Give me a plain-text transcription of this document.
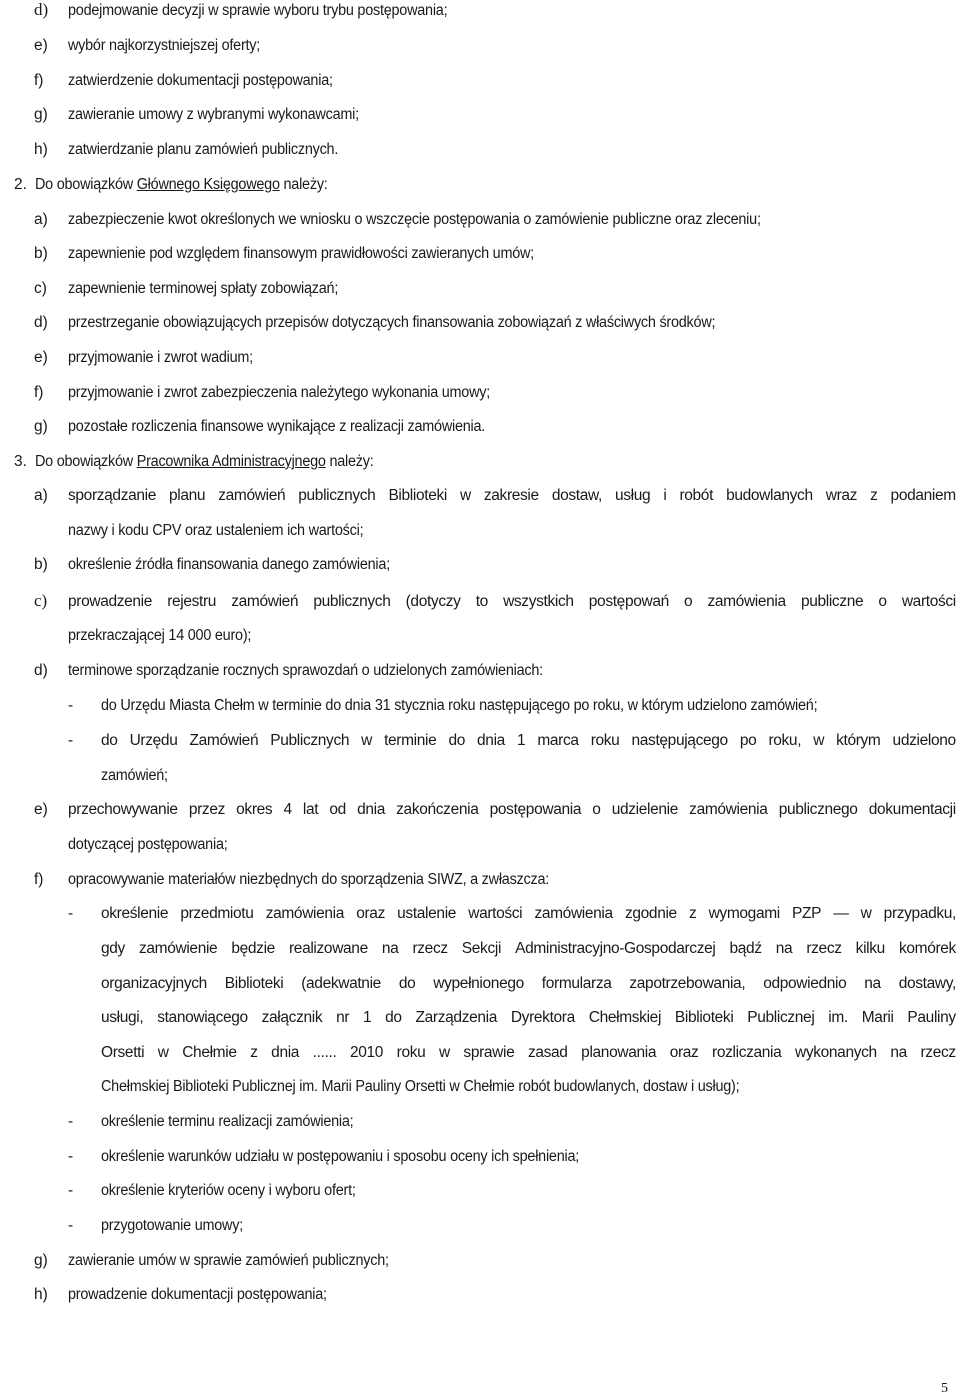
d) podejmowanie decyzji w sprawie wyboru trybu postępowania;
e) wybór najkorzystniejszej oferty;
f) zatwierdzenie dokumentacji postępowania;
g) zawieranie umowy z wybranymi wykonawcami;
h) zatwierdzanie planu zamówień publicznych.
2. Do obowiązków Głównego Księgowego należy:
a) zabezpieczenie kwot określonych we wniosku o wszczęcie postępowania o zamówienie publiczne oraz zleceniu;
b) zapewnienie pod względem finansowym prawidłowości zawieranych umów;
c) zapewnienie terminowej spłaty zobowiązań;
d) przestrzeganie obowiązujących przepisów dotyczących finansowania zobowiązań z właściwych środków;
e) przyjmowanie i zwrot wadium;
f) przyjmowanie i zwrot zabezpieczenia należytego wykonania umowy;
g) pozostałe rozliczenia finansowe wynikające z realizacji zamówienia.
3. Do obowiązków Pracownika Administracyjnego należy:
a) sporządzanie planu zamówień publicznych Biblioteki w zakresie dostaw, usług i robót budowlanych wraz z podaniem
nazwy i kodu CPV oraz ustaleniem ich wartości;
b) określenie źródła finansowania danego zamówienia;
c) prowadzenie rejestru zamówień publicznych (dotyczy to wszystkich postępowań o zamówienia publiczne o wartości
przekraczającej 14 000 euro);
d) terminowe sporządzanie rocznych sprawozdań o udzielonych zamówieniach:
- do Urzędu Miasta Chełm w terminie do dnia 31 stycznia roku następującego po roku, w którym udzielono zamówień;
- do Urzędu Zamówień Publicznych w terminie do dnia 1 marca roku następującego po roku, w którym udzielono
zamówień;
e) przechowywanie przez okres 4 lat od dnia zakończenia postępowania o udzielenie zamówienia publicznego dokumentacji
dotyczącej postępowania;
f) opracowywanie materiałów niezbędnych do sporządzenia SIWZ, a zwłaszcza:
- określenie przedmiotu zamówienia oraz ustalenie wartości zamówienia zgodnie z wymogami PZP — w przypadku,
gdy zamówienie będzie realizowane na rzecz Sekcji Administracyjno-Gospodarczej bądź na rzecz kilku komórek
organizacyjnych Biblioteki (adekwatnie do wypełnionego formularza zapotrzebowania, odpowiednio na dostawy,
usługi, stanowiącego załącznik nr 1 do Zarządzenia Dyrektora Chełmskiej Biblioteki Publicznej im. Marii Pauliny
Orsetti w Chełmie z dnia ...... 2010 roku w sprawie zasad planowania oraz rozliczania wykonanych na rzecz
Chełmskiej Biblioteki Publicznej im. Marii Pauliny Orsetti w Chełmie robót budowlanych, dostaw i usług);
- określenie terminu realizacji zamówienia;
- określenie warunków udziału w postępowaniu i sposobu oceny ich spełnienia;
- określenie kryteriów oceny i wyboru ofert;
- przygotowanie umowy;
g) zawieranie umów w sprawie zamówień publicznych;
h) prowadzenie dokumentacji postępowania;
5
